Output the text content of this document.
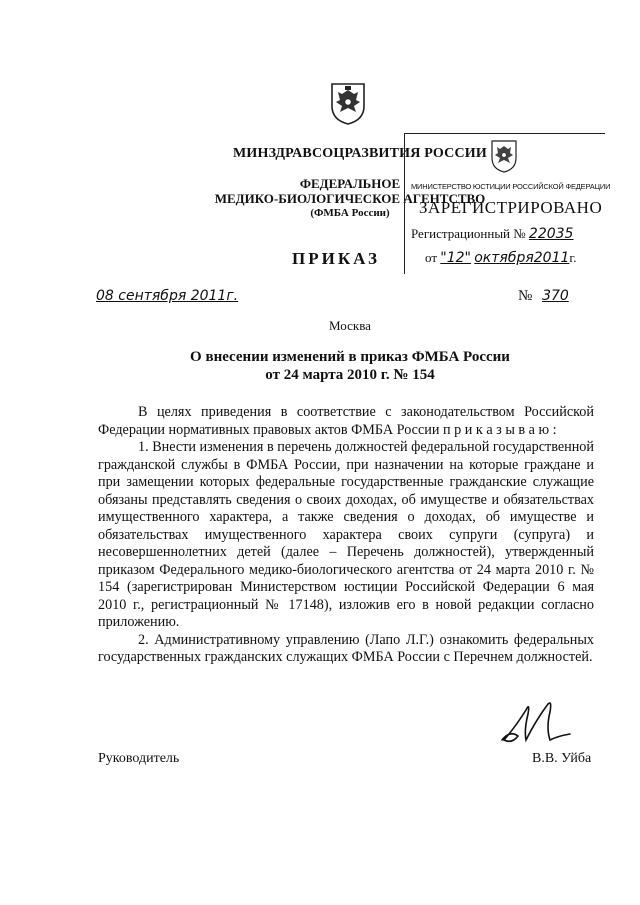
МИНЗДРАВСОЦРАЗВИТИЯ РОССИИ
ФЕДЕРАЛЬНОЕ
МЕДИКО-БИОЛОГИЧЕСКОЕ АГЕНТСТВО
(ФМБА России)
ПРИКАЗ
МИНИСТЕРСТВО ЮСТИЦИИ РОССИЙСКОЙ ФЕДЕРАЦИИ
ЗАРЕГИСТРИРОВАНО
Регистрационный № 22035
от "12" октября2011г.
08 сентября 2011г.	№ 370
Москва
О внесении изменений в приказ ФМБА России
от 24 марта 2010 г. № 154

В целях приведения в соответствие с законодательством Российской Федерации нормативных правовых актов ФМБА России п р и к а з ы в а ю :

1. Внести изменения в перечень должностей федеральной государственной гражданской службы в ФМБА России, при назначении на которые граждане и при замещении которых федеральные государственные гражданские служащие обязаны представлять сведения о своих доходах, об имуществе и обязательствах имущественного характера, а также сведения о доходах, об имуществе и обязательствах имущественного характера своих супруги (супруга) и несовершеннолетних детей (далее – Перечень должностей), утвержденный приказом Федерального медико-биологического агентства от 24 марта 2010 г. № 154 (зарегистрирован Министерством юстиции Российской Федерации 6 мая 2010 г., регистрационный № 17148), изложив его в новой редакции согласно приложению.

2. Административному управлению (Лапо Л.Г.) ознакомить федеральных государственных гражданских служащих ФМБА России с Перечнем должностей.

Руководитель	В.В. Уйба
